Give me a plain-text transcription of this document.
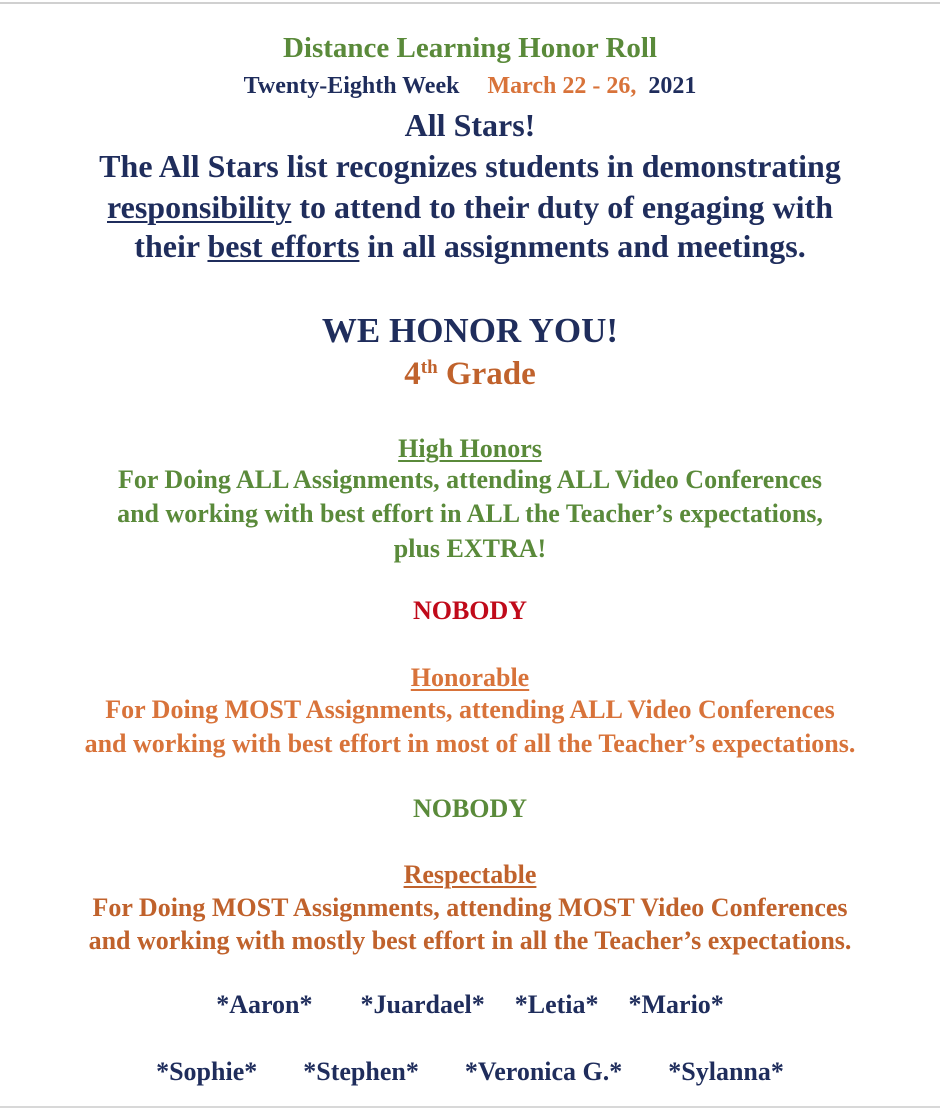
Distance Learning Honor Roll
Twenty-Eighth Week March 22 - 26, 2021
All Stars!
The All Stars list recognizes students in demonstrating
responsibility to attend to their duty of engaging with
their best efforts in all assignments and meetings.
WE HONOR YOU!
4th Grade
High Honors
For Doing ALL Assignments, attending ALL Video Conferences
and working with best effort in ALL the Teacher’s expectations,
plus EXTRA!
NOBODY
Honorable
For Doing MOST Assignments, attending ALL Video Conferences
and working with best effort in most of all the Teacher’s expectations.
NOBODY
Respectable
For Doing MOST Assignments, attending MOST Video Conferences
and working with mostly best effort in all the Teacher’s expectations.
*Aaron* *Juardael* *Letia* *Mario*
*Sophie* *Stephen* *Veronica G.* *Sylanna*
